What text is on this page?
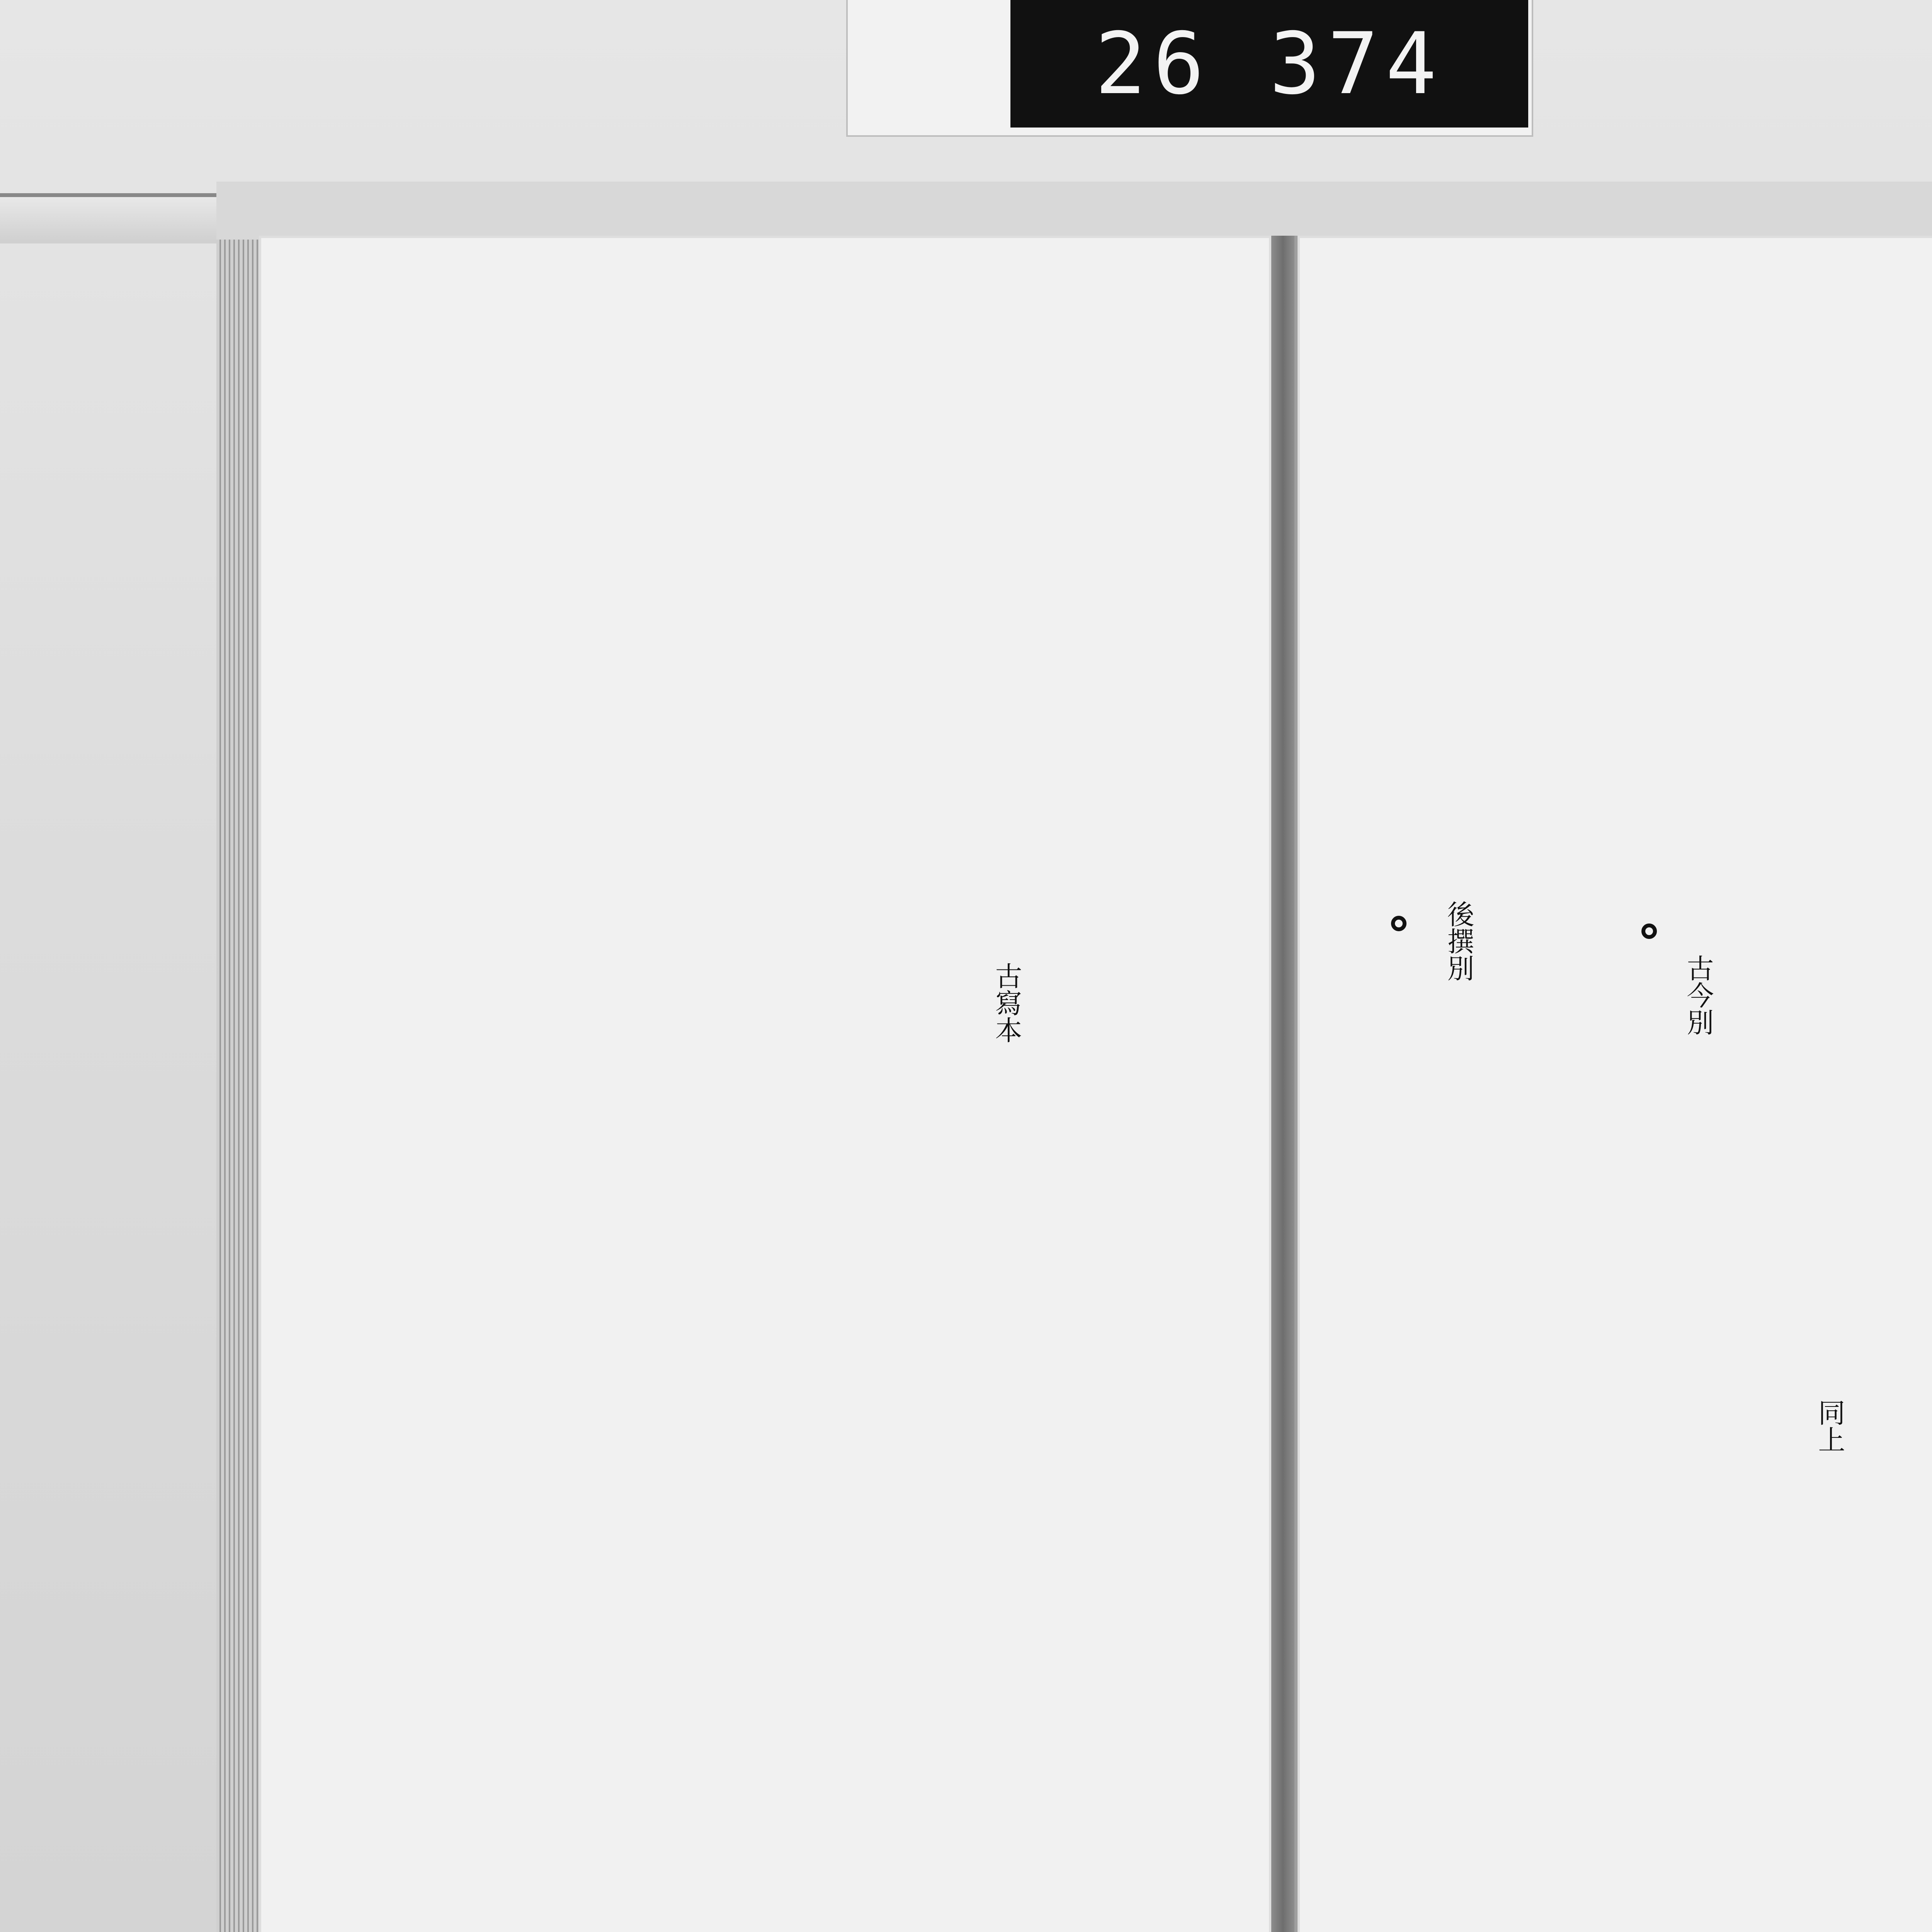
26 374
古今別
同上
後撰別
古寫本
